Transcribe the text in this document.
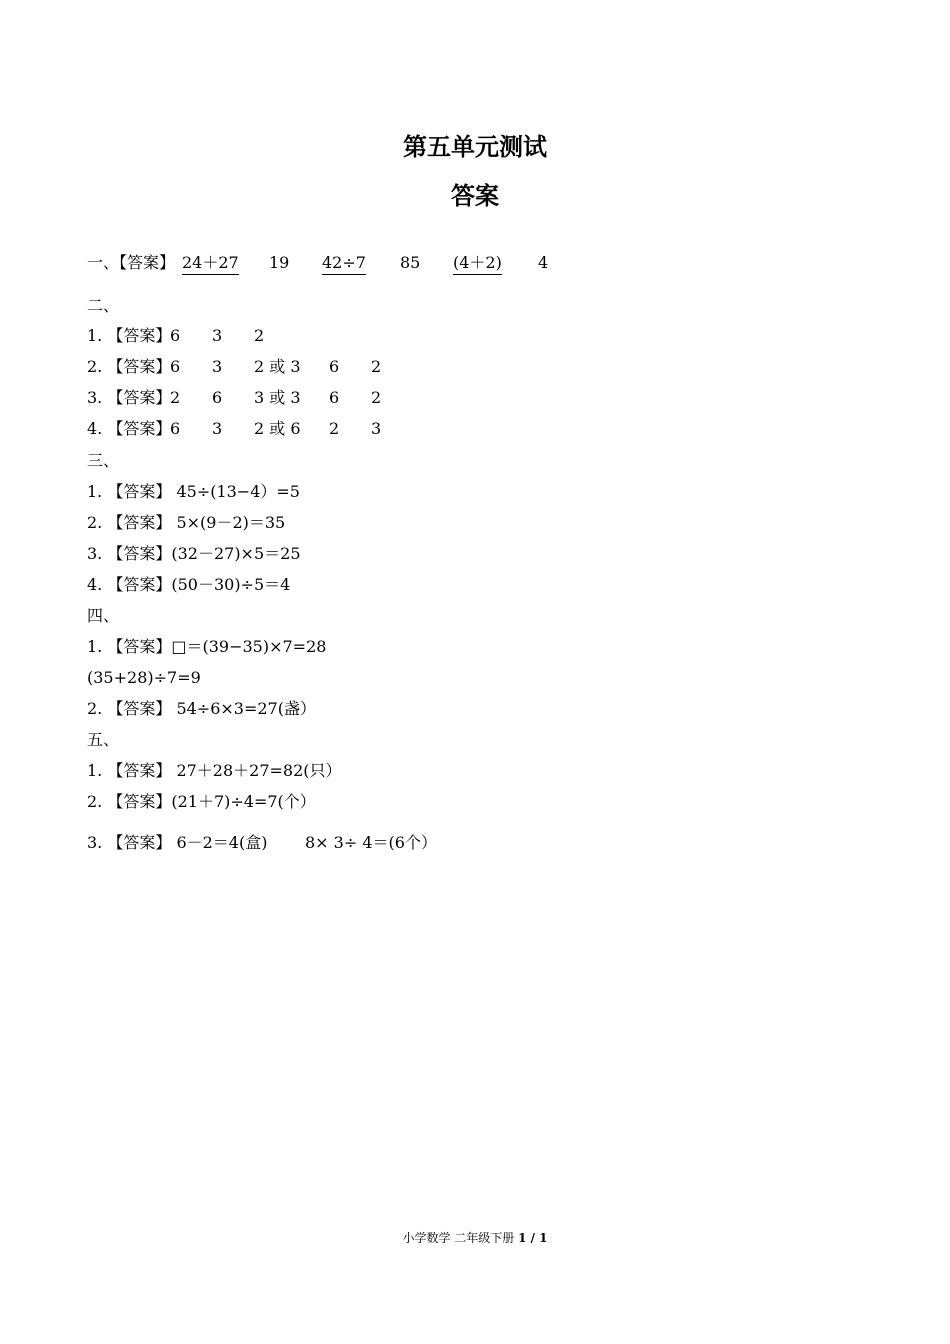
第五单元测试
答案

一、【答案】

24＋27

19

42÷7

85

(4＋2)

4

二、

1. 【答案】

6

3

2

2. 【答案】

6

3

2 或 3

6

2

3. 【答案】

2

6

3 或 3

6

2

4. 【答案】

6

3

2 或 6

2

3

三、
1. 【答案】 45÷(13−4）=5
2. 【答案】 5×(9－2)＝35
3. 【答案】(32－27)×5＝25
4. 【答案】(50－30)÷5＝4
四、
1. 【答案】□＝(39−35)×7=28
(35+28)÷7=9
2. 【答案】 54÷6×3=27(盏）
五、
1. 【答案】 27＋28＋27=82(只）
2. 【答案】(21＋7)÷4=7(个）

3. 【答案】 6－2＝4(盒)

8× 3÷ 4＝(6个）

小学数学 二年级下册 1 / 1
